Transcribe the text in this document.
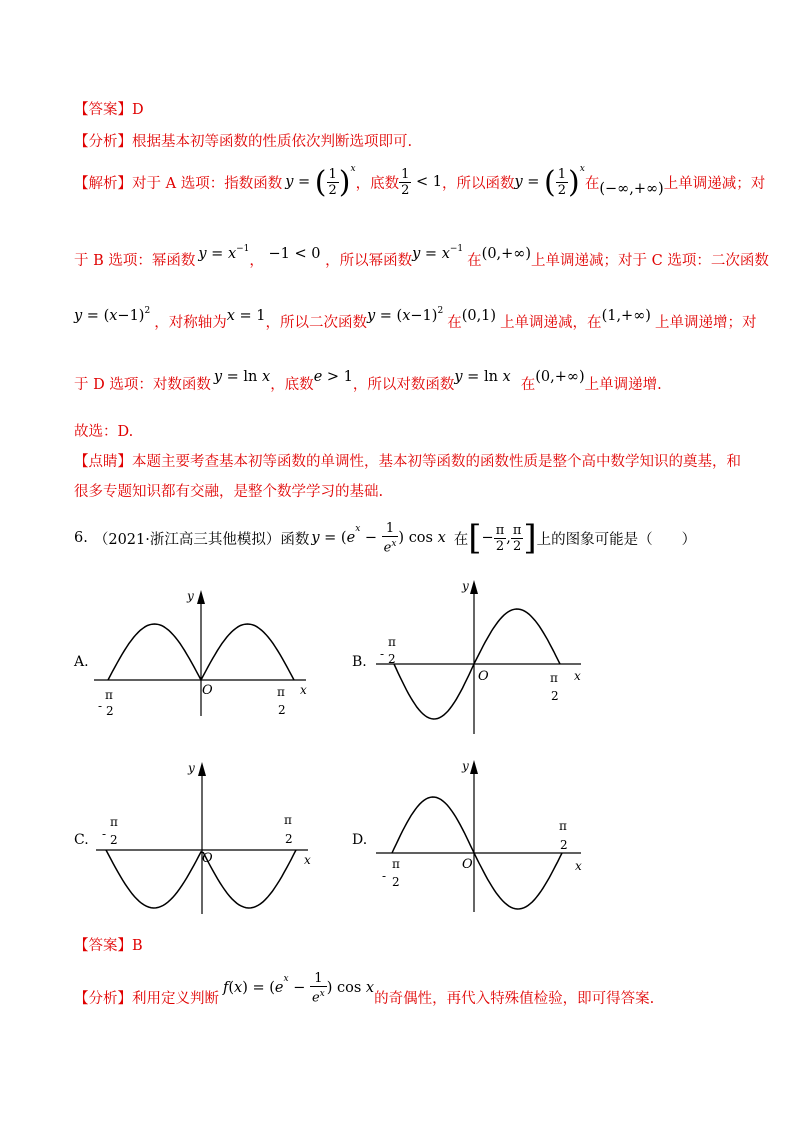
【答案】D
【分析】根据基本初等函数的性质依次判断选项即可.
【解析】 对于 A 选项：指数函数 y = ( $\frac{1}{2} )^x$
，底数 $\frac{1}{2} < 1$ ，所以函数 y = ( $\frac{1}{2} )^x$
在 (−∞,+∞) 上单调递减；对
于 B 选项：幂函数 $y = x^{-1}$
， −1 < 0 ，所以幂函数 $y = x^{-1}$
在 (0,+∞) 上单调递减；对于 C 选项：二次函数
y = ( x −1)$^2$
，对称轴为 x = 1 ，所以二次函数 y = ( x −1)$^2$
在 (0,1) 上单调递减，在 (1,+∞) 上单调递增；对
于 D 选项：对数函数 y = ln x ，底数 e > 1 ，所以对数函数 y = ln x 在 (0,+∞) 上单调递增.
故选：D.
【点睛】本题主要考查基本初等函数的单调性，基本初等函数的函数性质是整个高中数学知识的奠基，和
很多专题知识都有交融，是整个数学学习的基础.
6. （2021·浙江高三其他模拟）函数 y = ( e
$^x$
− $\frac{1}{e^x}$ ) cos x 在 [ − $\frac{\pi}{2}$ , $\frac{\pi}{2}$ ] 上的图象可能是（　　）
A.	B.
C.	D.
y
O	x
π
- 2
π
2
y
O	x
π
- 2
π
2
y
O	x
π
- 2
π
2
y
O	x
π
- 2
π
2
【答案】B
【分析】 利用定义判断
f ( x ) = ( e
$^x$
− $\frac{1}{e^x}$ ) cos x
的奇偶性，再代入特殊值检验，即可得答案.
